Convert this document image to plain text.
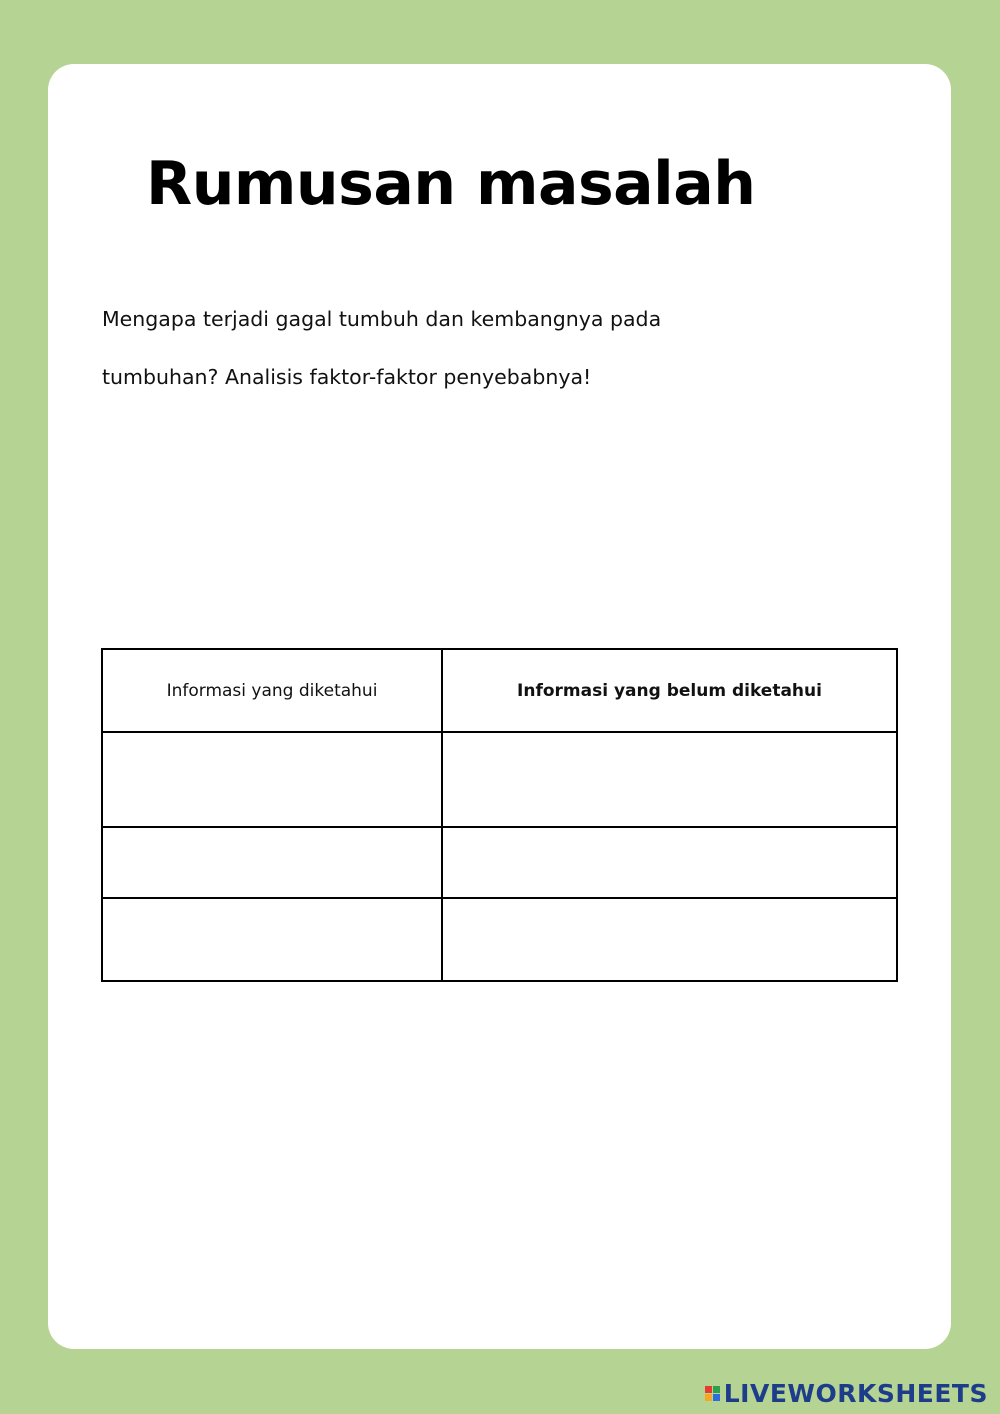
Rumusan masalah

Mengapa terjadi gagal tumbuh dan kembangnya pada
tumbuhan? Analisis faktor-faktor penyebabnya!

Informasi yang diketahui	Informasi yang belum diketahui

LIVEWORKSHEETS
